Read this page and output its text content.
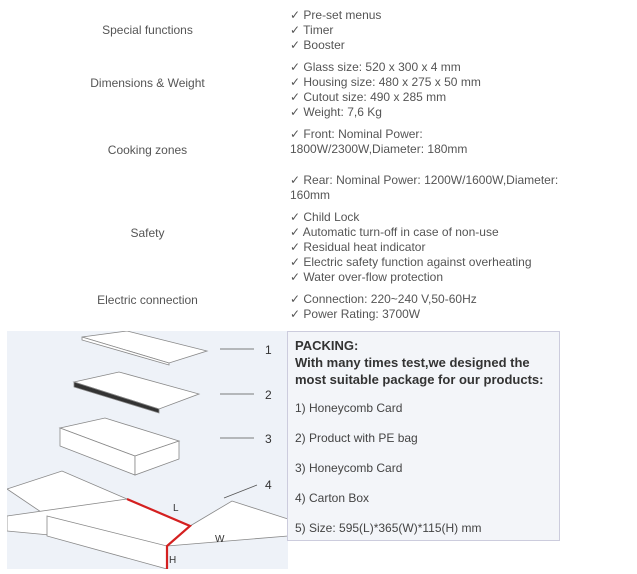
Special functions
✓ Pre-set menus
✓ Timer
✓ Booster
Dimensions & Weight
✓ Glass size: 520 x 300 x 4 mm
✓ Housing size: 480 x 275 x 50 mm
✓ Cutout size: 490 x 285 mm
✓ Weight: 7,6 Kg
Cooking zones
✓ Front: Nominal Power: 1800W/2300W,Diameter: 180mm
✓ Rear: Nominal Power: 1200W/1600W,Diameter: 160mm
Safety
✓ Child Lock
✓ Automatic turn-off in case of non-use
✓ Residual heat indicator
✓ Electric safety function against overheating
✓ Water over-flow protection
Electric connection	✓ Connection: 220~240 V,50-60Hz
✓ Power Rating: 3700W
1
2
3
4
L
W
H
PACKING:
With many times test,we designed the most suitable package for our products:
1) Honeycomb Card
2) Product with PE bag
3) Honeycomb Card
4) Carton Box
5) Size: 595(L)*365(W)*115(H) mm
